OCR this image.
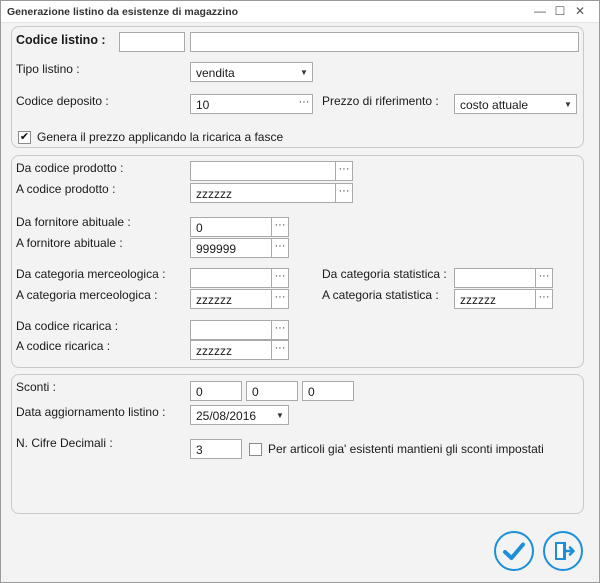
Generazione listino da esistenze di magazzino	— ☐ ✕
Codice listino :
Tipo listino :	vendita	▼
Codice deposito :	10	··· Prezzo di riferimento :	costo attuale	▼
✔ Genera il prezzo applicando la ricarica a fasce
Da codice prodotto :	···
A codice prodotto :	zzzzzz	···
Da fornitore abituale :	0	···
A fornitore abituale :	999999	···
Da categoria merceologica :	···
A categoria merceologica :	zzzzzz	···
Da categoria statistica :	···
A categoria statistica :	zzzzzz	···
Da codice ricarica :	···
A codice ricarica :	zzzzzz	···
Sconti :	0	0	0
Data aggiornamento listino :	25/08/2016	▼
N. Cifre Decimali :	3	Per articoli gia' esistenti mantieni gli sconti impostati
